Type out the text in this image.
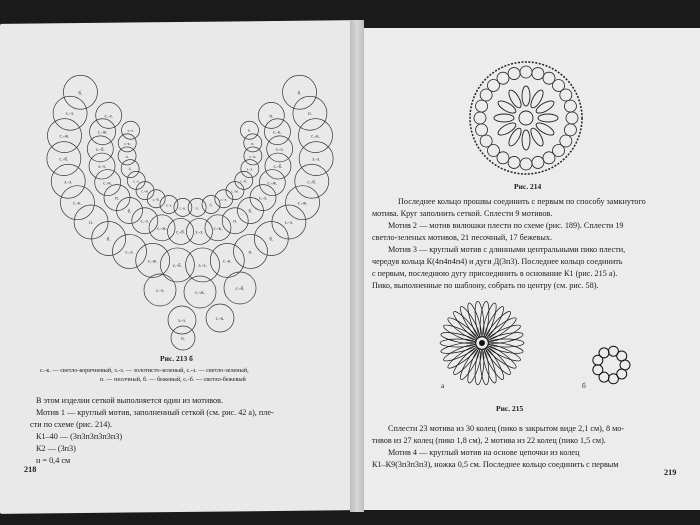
з.-з.
с.-к.
п.
б.
с.-з.
с.-ж.
с.-б.
з.-з.
с.-к. п.
б.
с.-з.
с.-ж.
с.-б.
з.-з.
с.-к.
п.
б.
с.-з.
с.-ж.
с.-б.
з.-з.
с.-к.
п.
б.
с.-з.
с.-ж.
с.-б. з.-з.
с.-к.
п.
б.
с.-з.
с.-ж.
с.-б.
з.-з.
с.-к.
п.
б.
с.-з.
с.-ж.
с.-б.
з.-з.
с.-к.
п.
б.
с.-з.
с.-ж.
с.-б.	з.-з.
с.-к.
п.
б.
с.-з.
с.-ж.
с.-б.
з.-з.
с.-к.
п.
б.
с.-з.	с.-ж.
с.-б.
з.-з.	с.-к.
п.
Рис. 213 б
с.-к. — светло-коричневый, з.-з. — золотисто-зеленый, с.-з. — светло-зеленый,
п. — песочный, б. — бежевый, с.-б. — светло-бежевый
В этом изделии сеткой выполняется один из мотивов.
Мотив 1 — круглый мотив, заполненный сеткой (см. рис. 42 а), пле-
сти по схеме (рис. 214).
К1–40 — (3п3п3п3п3п3)
К2 — (3п3)
н = 0,4 см
218
Рис. 214
Последнее кольцо прошвы соединить с первым по способу замкнутого
мотива. Круг заполнить сеткой. Сплести 9 мотивов.
Мотив 2 — мотив вилюшки плести по схеме (рис. 189). Сплести 19
светло-зеленых мотивов, 21 песочный, 17 бежевых.
Мотив 3 — круглый мотив с длинными центральными пико плести,
чередуя кольца К(4п4п4п4) и дуги Д(3п3). Последнее кольцо соединить
с первым, последнюю дугу присоединить в основание К1 (рис. 215 а).
Пико, выполненные по шаблону, собрать по центру (см. рис. 58).
а	б
Рис. 215
Сплести 23 мотива из 30 колец (пико в закрытом виде 2,1 см), 8 мо-
тивов из 27 колец (пико 1,8 см), 2 мотива из 22 колец (пико 1,5 см).
Мотив 4 — круглый мотив на основе цепочки из колец
К1–К9(3п3п3п3), ножка 0,5 см. Последнее кольцо соединить с первым
219
